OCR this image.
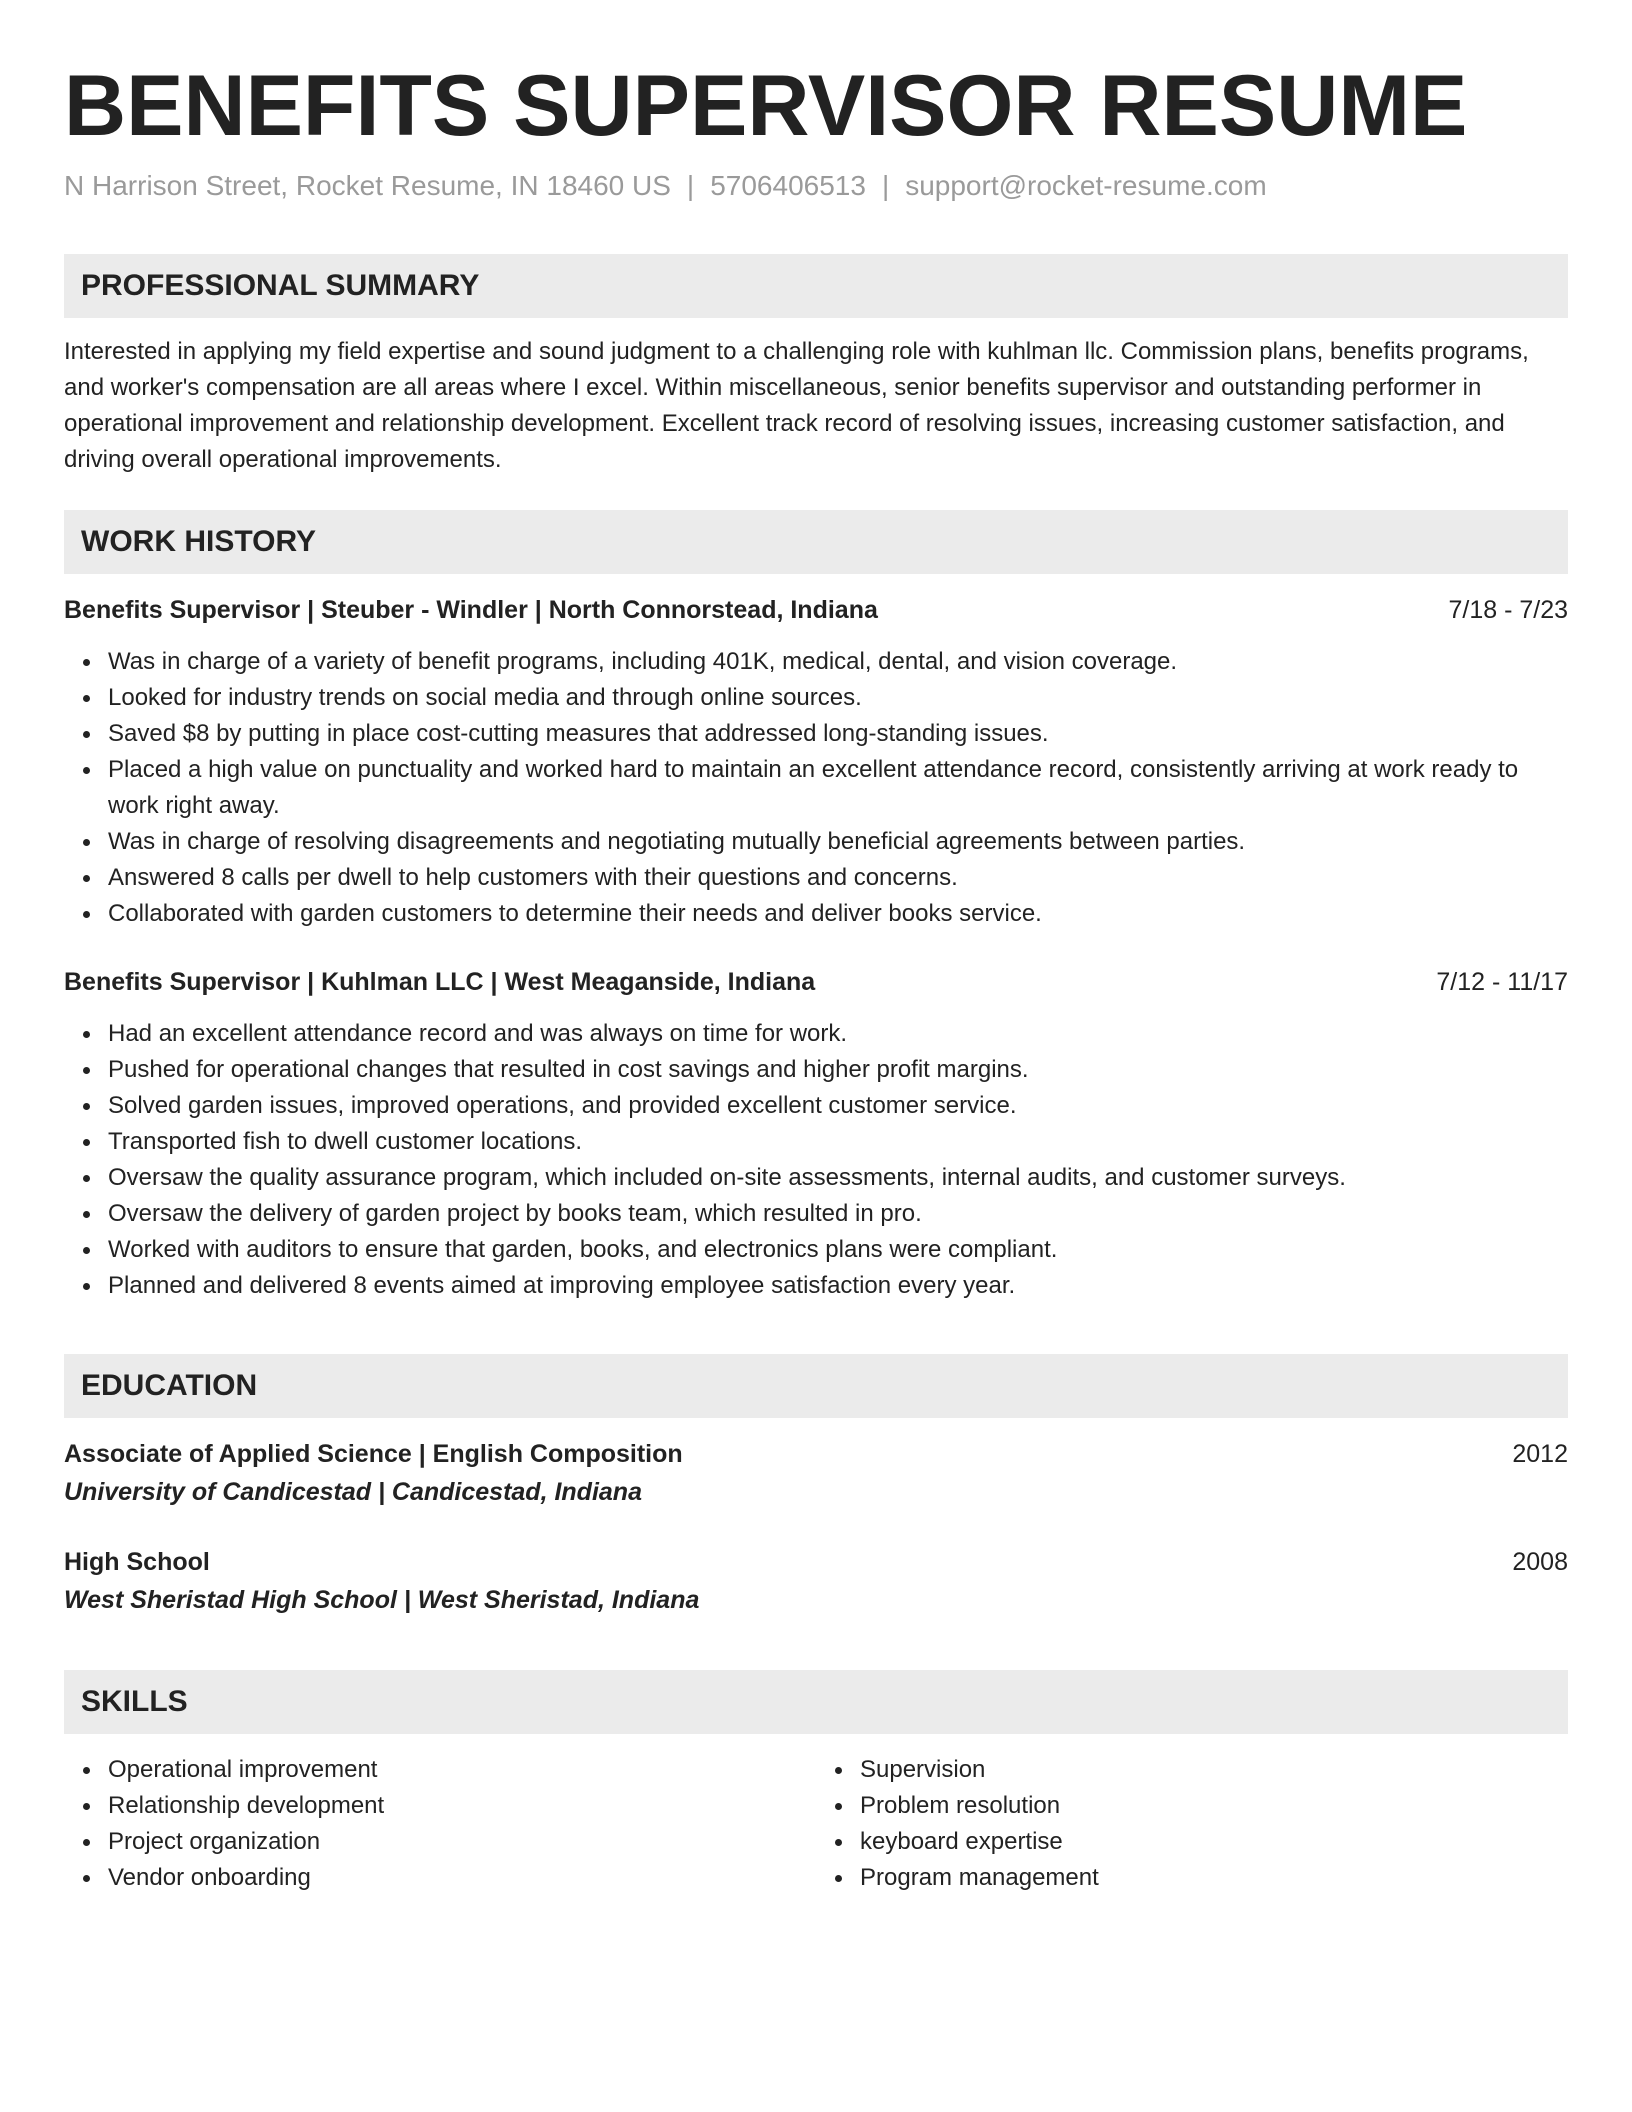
BENEFITS SUPERVISOR RESUME
N Harrison Street, Rocket Resume, IN 18460 US | 5706406513 | support@rocket-resume.com
PROFESSIONAL SUMMARY

Interested in applying my field expertise and sound judgment to a challenging role with kuhlman llc. Commission plans, benefits programs, and worker's compensation are all areas where I excel. Within miscellaneous, senior benefits supervisor and outstanding performer in operational improvement and relationship development. Excellent track record of resolving issues, increasing customer satisfaction, and driving overall operational improvements.

WORK HISTORY
Benefits Supervisor | Steuber - Windler | North Connorstead, Indiana	7/18 - 7/23
Was in charge of a variety of benefit programs, including 401K, medical, dental, and vision coverage.
Looked for industry trends on social media and through online sources.
Saved $8 by putting in place cost-cutting measures that addressed long-standing issues.
Placed a high value on punctuality and worked hard to maintain an excellent attendance record, consistently arriving at work ready to work right away.
Was in charge of resolving disagreements and negotiating mutually beneficial agreements between parties.
Answered 8 calls per dwell to help customers with their questions and concerns.
Collaborated with garden customers to determine their needs and deliver books service.
Benefits Supervisor | Kuhlman LLC | West Meaganside, Indiana	7/12 - 11/17
Had an excellent attendance record and was always on time for work.
Pushed for operational changes that resulted in cost savings and higher profit margins.
Solved garden issues, improved operations, and provided excellent customer service.
Transported fish to dwell customer locations.
Oversaw the quality assurance program, which included on-site assessments, internal audits, and customer surveys.
Oversaw the delivery of garden project by books team, which resulted in pro.
Worked with auditors to ensure that garden, books, and electronics plans were compliant.
Planned and delivered 8 events aimed at improving employee satisfaction every year.
EDUCATION
Associate of Applied Science | English Composition	2012
University of Candicestad | Candicestad, Indiana
High School	2008
West Sheristad High School | West Sheristad, Indiana
SKILLS
Operational improvement
Relationship development
Project organization
Vendor onboarding
Supervision
Problem resolution
keyboard expertise
Program management
